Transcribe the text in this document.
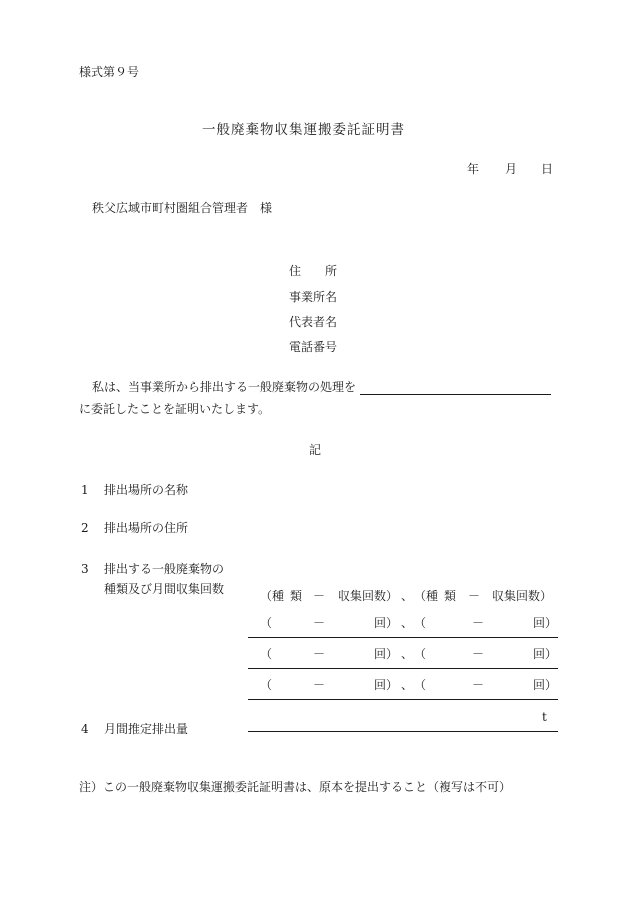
様式第９号
一般廃棄物収集運搬委託証明書
年 月 日
秩父広域市町村圏組合管理者　様
住　　所
事業所名
代表者名
電話番号
私は、当事業所から排出する一般廃棄物の処理を
に委託したことを証明いたします。
記
1 排出場所の名称
2 排出場所の住所
3 排出する一般廃棄物の
種類及び月間収集回数	（種 類 － 収集回数） 、 （種 類 － 収集回数）
（	－	回） 、 （	－	回）
（	－	回） 、 （	－	回）
（	－	回） 、 （	－	回）
t
4 月間推定排出量
注）この一般廃棄物収集運搬委託証明書は、原本を提出すること（複写は不可）
